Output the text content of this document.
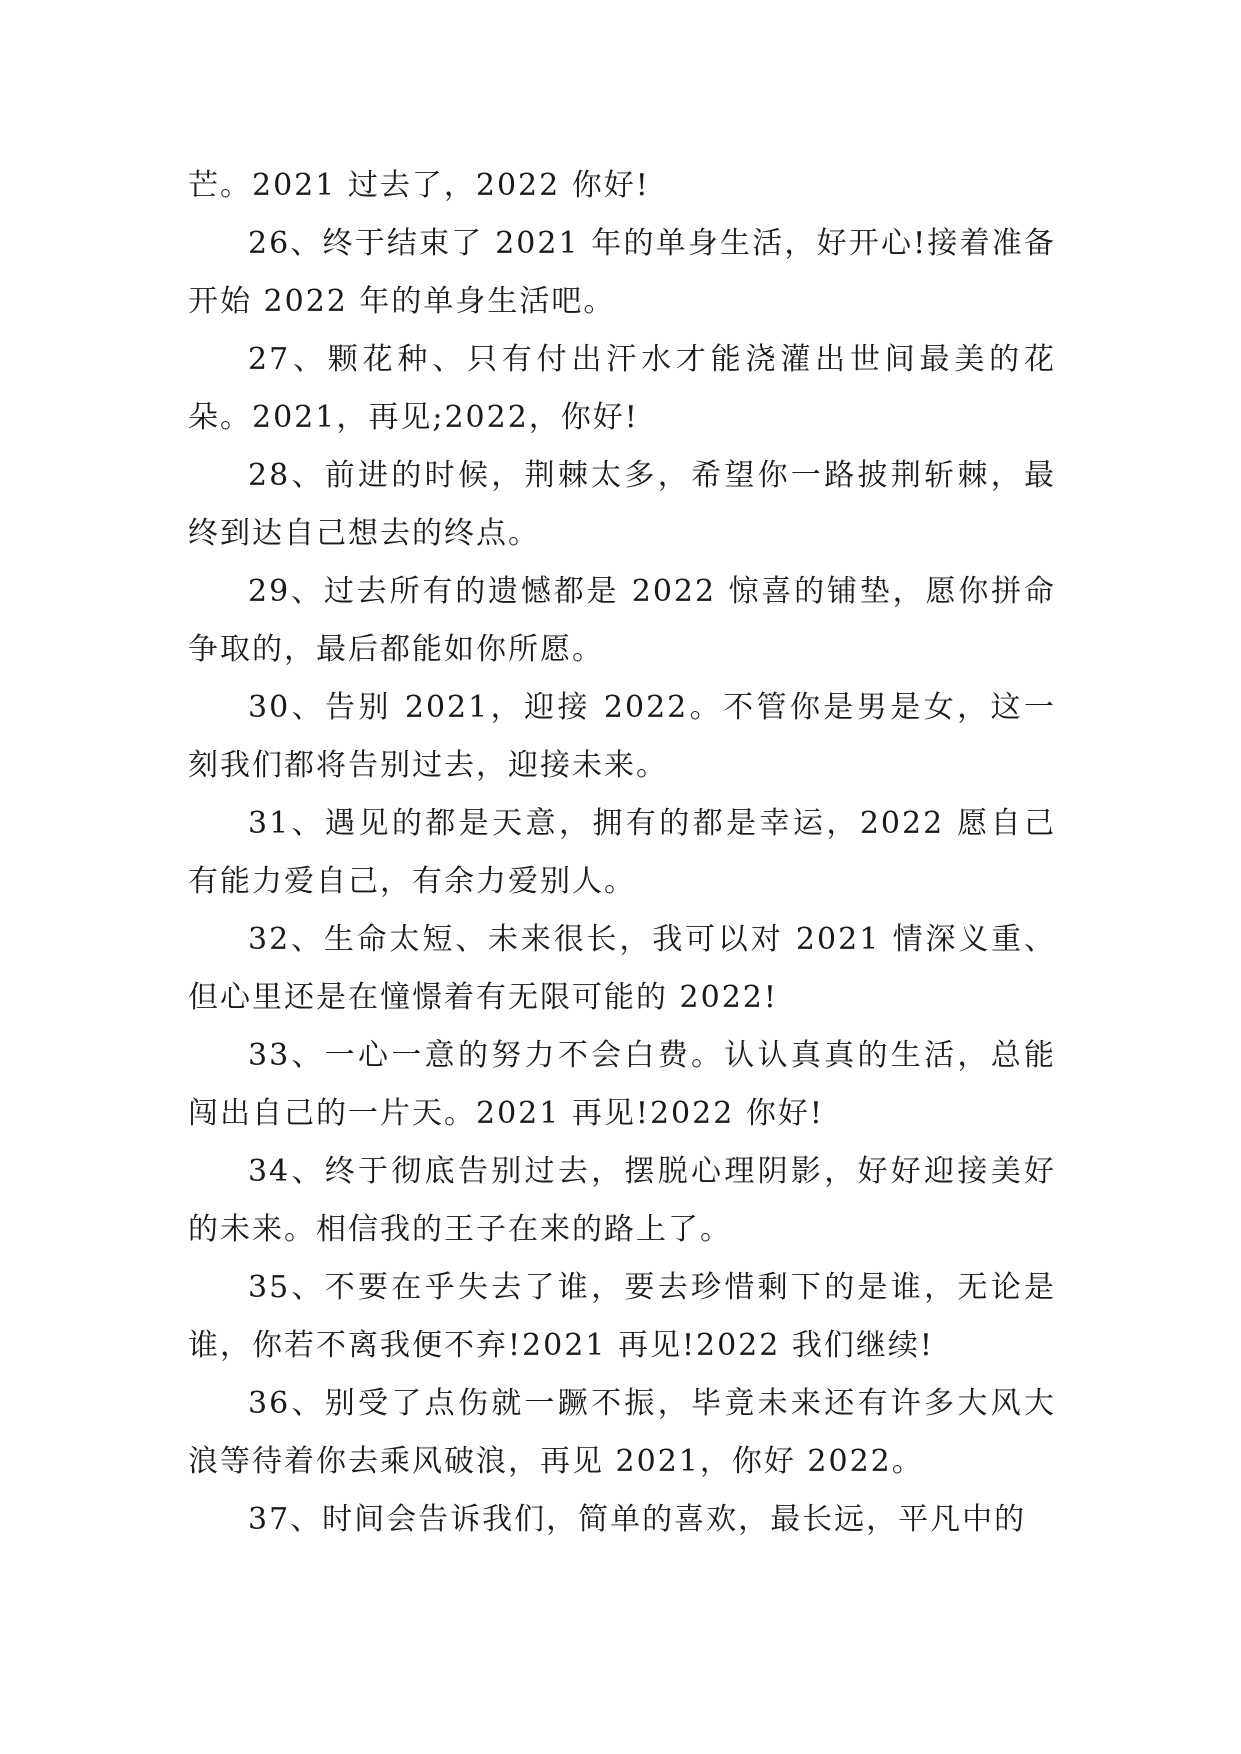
芒。2021 过去了，2022 你好!

26、终于结束了 2021 年的单身生活，好开心!接着准备开始 2022 年的单身生活吧。

27、颗花种、只有付出汗水才能浇灌出世间最美的花朵。2021，再见;2022，你好!

28、前进的时候，荆棘太多，希望你一路披荆斩棘，最终到达自己想去的终点。

29、过去所有的遗憾都是 2022 惊喜的铺垫，愿你拼命争取的，最后都能如你所愿。

30、告别 2021，迎接 2022。不管你是男是女，这一刻我们都将告别过去，迎接未来。

31、遇见的都是天意，拥有的都是幸运，2022 愿自己有能力爱自己，有余力爱别人。

32、生命太短、未来很长，我可以对 2021 情深义重、但心里还是在憧憬着有无限可能的 2022!

33、一心一意的努力不会白费。认认真真的生活，总能闯出自己的一片天。2021 再见!2022 你好!

34、终于彻底告别过去，摆脱心理阴影，好好迎接美好的未来。相信我的王子在来的路上了。

35、不要在乎失去了谁，要去珍惜剩下的是谁，无论是谁，你若不离我便不弃!2021 再见!2022 我们继续!

36、别受了点伤就一蹶不振，毕竟未来还有许多大风大浪等待着你去乘风破浪，再见 2021，你好 2022。

37、时间会告诉我们，简单的喜欢，最长远，平凡中的
